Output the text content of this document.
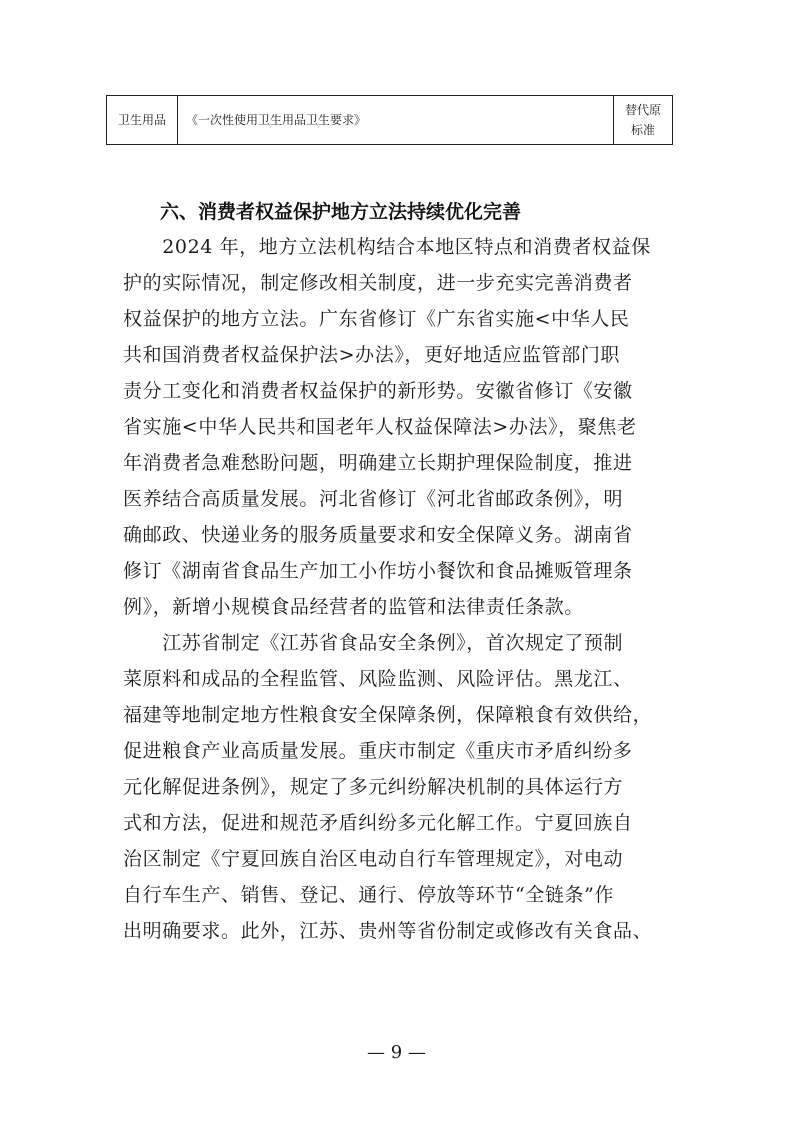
卫生用品	《一次性使用卫生用品卫生要求》
替代原
标准
六、消费者权益保护地方立法持续优化完善
　　2024 年，地方立法机构结合本地区特点和消费者权益保
护的实际情况，制定修改相关制度，进一步充实完善消费者
权益保护的地方立法。广东省修订《广东省实施<中华人民
共和国消费者权益保护法>办法》，更好地适应监管部门职
责分工变化和消费者权益保护的新形势。安徽省修订《安徽
省实施<中华人民共和国老年人权益保障法>办法》，聚焦老
年消费者急难愁盼问题，明确建立长期护理保险制度，推进
医养结合高质量发展。河北省修订《河北省邮政条例》，明
确邮政、快递业务的服务质量要求和安全保障义务。湖南省
修订《湖南省食品生产加工小作坊小餐饮和食品摊贩管理条
例》，新增小规模食品经营者的监管和法律责任条款。
　　江苏省制定《江苏省食品安全条例》，首次规定了预制
菜原料和成品的全程监管、风险监测、风险评估。黑龙江、
福建等地制定地方性粮食安全保障条例，保障粮食有效供给，
促进粮食产业高质量发展。重庆市制定《重庆市矛盾纠纷多
元化解促进条例》，规定了多元纠纷解决机制的具体运行方
式和方法，促进和规范矛盾纠纷多元化解工作。宁夏回族自
治区制定《宁夏回族自治区电动自行车管理规定》，对电动
自行车生产、销售、登记、通行、停放等环节“全链条”作
出明确要求。此外，江苏、贵州等省份制定或修改有关食品、
— 9 —
